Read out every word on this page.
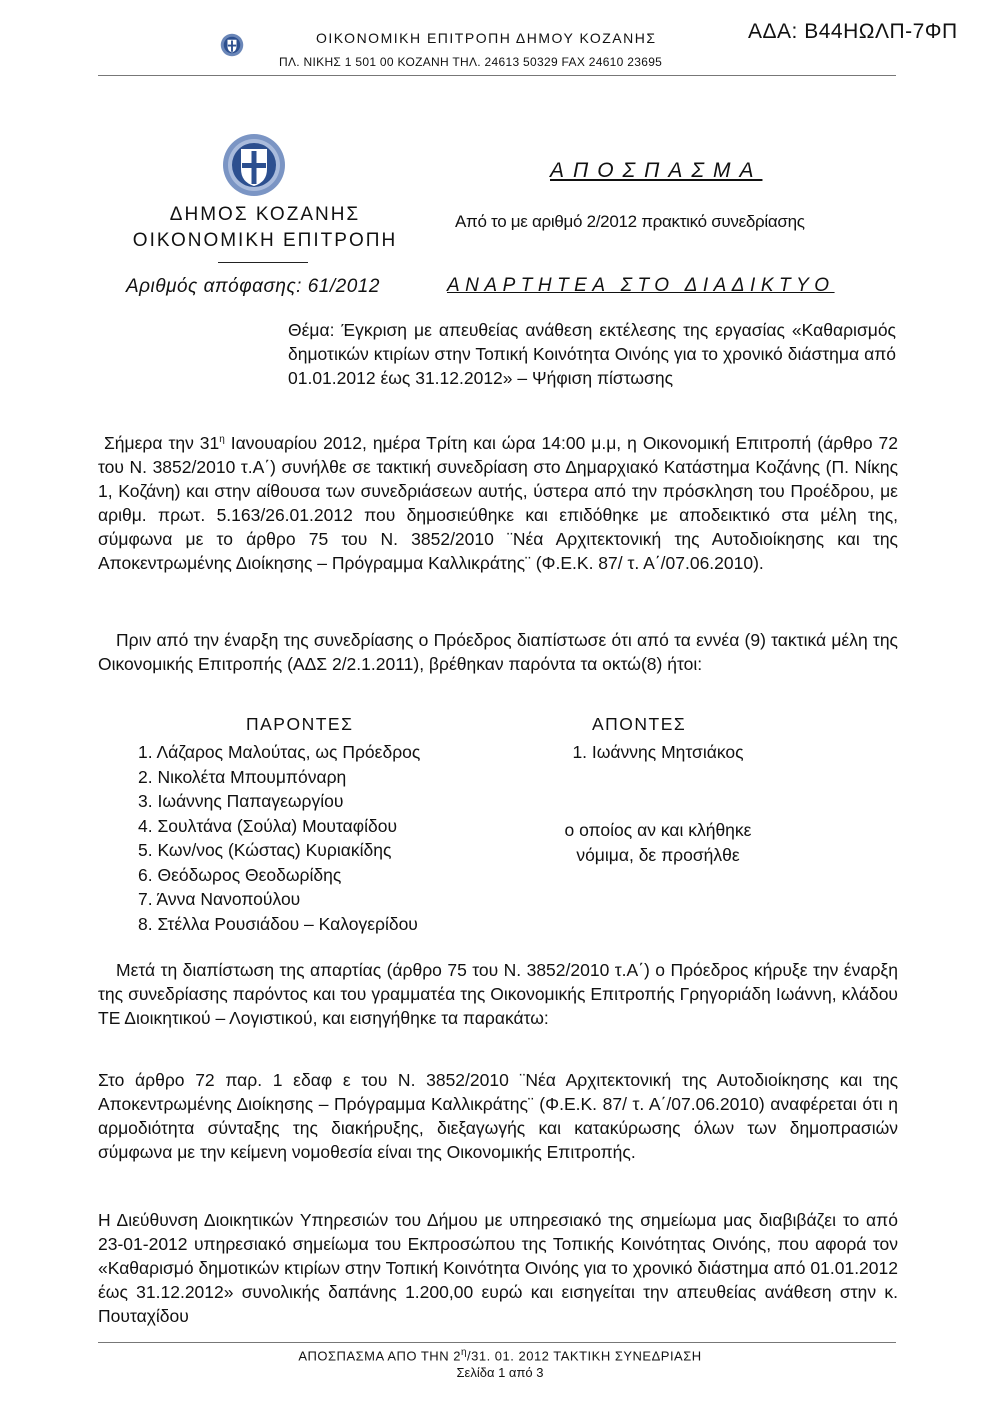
ΟΙΚΟΝΟΜΙΚΗ ΕΠΙΤΡΟΠΗ ΔΗΜΟΥ ΚΟΖΑΝΗΣ
ΠΛ. ΝΙΚΗΣ 1 501 00 ΚΟΖΑΝΗ ΤΗΛ. 24613 50329 FAX 24610 23695
ΑΔΑ: Β44ΗΩΛΠ-7ΦΠ
ΔΗΜΟΣ ΚΟΖΑΝΗΣ
ΟΙΚΟΝΟΜΙΚΗ ΕΠΙΤΡΟΠΗ
Αριθμός απόφασης: 61/2012
ΑΠΟΣΠΑΣΜΑ
Από το με αριθμό 2/2012 πρακτικό συνεδρίασης
ΑΝΑΡΤΗΤΕΑ ΣΤΟ ΔΙΑΔΙΚΤΥΟ

Θέμα: Έγκριση με απευθείας ανάθεση εκτέλεσης της εργασίας «Καθαρισμός δημοτικών κτιρίων στην Τοπική Κοινότητα Οινόης για το χρονικό διάστημα από 01.01.2012 έως 31.12.2012» – Ψήφιση πίστωσης

Σήμερα την $31^\eta$ Ιανουαρίου 2012, ημέρα Τρίτη και ώρα 14:00 μ.μ, η Οικονομική Επιτροπή (άρθρο 72 του Ν. 3852/2010 τ.Α΄) συνήλθε σε τακτική συνεδρίαση στο Δημαρχιακό Κατάστημα Κοζάνης (Π. Νίκης 1, Κοζάνη) και στην αίθουσα των συνεδριάσεων αυτής, ύστερα από την πρόσκληση του Προέδρου, με αριθμ. πρωτ. 5.163/26.01.2012 που δημοσιεύθηκε και επιδόθηκε με αποδεικτικό στα μέλη της, σύμφωνα με το άρθρο 75 του Ν. 3852/2010 ¨Νέα Αρχιτεκτονική της Αυτοδιοίκησης και της Αποκεντρωμένης Διοίκησης – Πρόγραμμα Καλλικράτης¨ (Φ.Ε.Κ. 87/ τ. Α΄/07.06.2010).

Πριν από την έναρξη της συνεδρίασης ο Πρόεδρος διαπίστωσε ότι από τα εννέα (9) τακτικά μέλη της Οικονομικής Επιτροπής (ΑΔΣ 2/2.1.2011), βρέθηκαν παρόντα τα οκτώ(8) ήτοι:

ΠΑΡΟΝΤΕΣ	ΑΠΟΝΤΕΣ
1. Λάζαρος Μαλούτας, ως Πρόεδρος
2. Νικολέτα Μπουμπόναρη
3. Ιωάννης Παπαγεωργίου
4. Σουλτάνα (Σούλα) Μουταφίδου
5. Κων/νος (Κώστας) Κυριακίδης
6. Θεόδωρος Θεοδωρίδης
7. Άννα Νανοπούλου
8. Στέλλα Ρουσιάδου – Καλογερίδου
1. Ιωάννης Μητσιάκος
ο οποίος αν και κλήθηκε
νόμιμα, δε προσήλθε

Μετά τη διαπίστωση της απαρτίας (άρθρο 75 του Ν. 3852/2010 τ.Α΄) ο Πρόεδρος κήρυξε την έναρξη της συνεδρίασης παρόντος και του γραμματέα της Οικονομικής Επιτροπής Γρηγοριάδη Ιωάννη, κλάδου ΤΕ Διοικητικού – Λογιστικού, και εισηγήθηκε τα παρακάτω:

Στο άρθρο 72 παρ. 1 εδαφ ε του Ν. 3852/2010 ¨Νέα Αρχιτεκτονική της Αυτοδιοίκησης και της Αποκεντρωμένης Διοίκησης – Πρόγραμμα Καλλικράτης¨ (Φ.Ε.Κ. 87/ τ. Α΄/07.06.2010) αναφέρεται ότι η αρμοδιότητα σύνταξης της διακήρυξης, διεξαγωγής και κατακύρωσης όλων των δημοπρασιών σύμφωνα με την κείμενη νομοθεσία είναι της Οικονομικής Επιτροπής.

Η Διεύθυνση Διοικητικών Υπηρεσιών του Δήμου με υπηρεσιακό της σημείωμα μας διαβιβάζει το από 23-01-2012 υπηρεσιακό σημείωμα του Εκπροσώπου της Τοπικής Κοινότητας Οινόης, που αφορά τον «Καθαρισμό δημοτικών κτιρίων στην Τοπική Κοινότητα Οινόης για το χρονικό διάστημα από 01.01.2012 έως 31.12.2012» συνολικής δαπάνης 1.200,00 ευρώ και εισηγείται την απευθείας ανάθεση στην κ. Πουταχίδου

ΑΠΟΣΠΑΣΜΑ ΑΠΟ ΤΗΝ $2^\eta/31$. 01. 2012 ΤΑΚΤΙΚΗ ΣΥΝΕΔΡΙΑΣΗ
Σελίδα 1 από 3
